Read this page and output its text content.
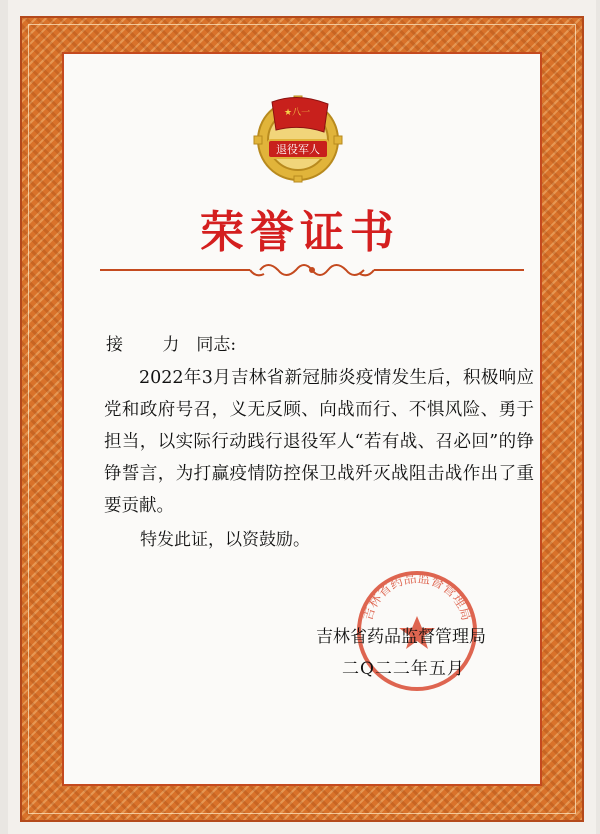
★八一
退役军人
荣誉证书
接 力同志:
2022年3月吉林省新冠肺炎疫情发生后，积极响应党和政府号召，义无反顾、向战而行、不惧风险、勇于担当，以实际行动践行退役军人“若有战、召必回”的铮铮誓言，为打赢疫情防控保卫战歼灭战阻击战作出了重要贡献。
特发此证，以资鼓励。
吉林省药品监督管理局
吉林省药品监督管理局
二Q二二年五月
